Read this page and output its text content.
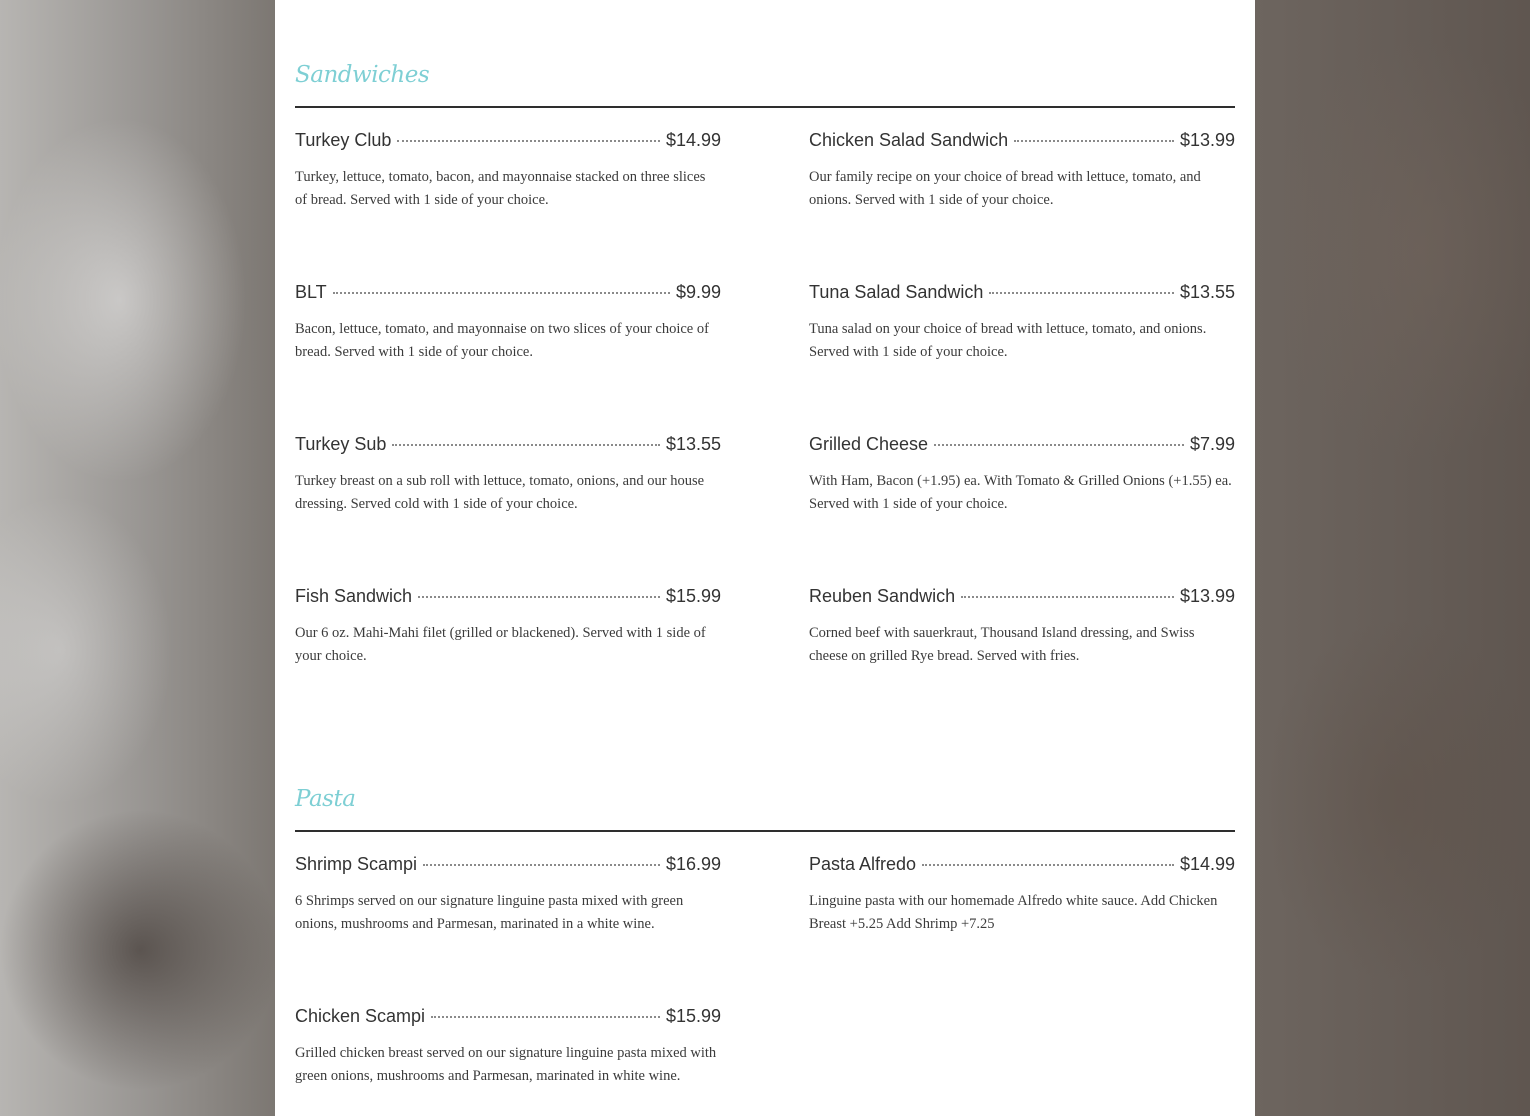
Sandwiches
Turkey Club	$14.99
Turkey, lettuce, tomato, bacon, and mayonnaise stacked on three slices of bread. Served with 1 side of your choice.
Chicken Salad Sandwich	$13.99
Our family recipe on your choice of bread with lettuce, tomato, and onions. Served with 1 side of your choice.
BLT	$9.99
Bacon, lettuce, tomato, and mayonnaise on two slices of your choice of bread. Served with 1 side of your choice.
Tuna Salad Sandwich	$13.55
Tuna salad on your choice of bread with lettuce, tomato, and onions. Served with 1 side of your choice.
Turkey Sub	$13.55
Turkey breast on a sub roll with lettuce, tomato, onions, and our house dressing. Served cold with 1 side of your choice.
Grilled Cheese	$7.99
With Ham, Bacon (+1.95) ea. With Tomato & Grilled Onions (+1.55) ea. Served with 1 side of your choice.
Fish Sandwich	$15.99
Our 6 oz. Mahi-Mahi filet (grilled or blackened). Served with 1 side of your choice.
Reuben Sandwich	$13.99
Corned beef with sauerkraut, Thousand Island dressing, and Swiss cheese on grilled Rye bread. Served with fries.
Pasta
Shrimp Scampi	$16.99
6 Shrimps served on our signature linguine pasta mixed with green onions, mushrooms and Parmesan, marinated in a white wine.
Pasta Alfredo	$14.99
Linguine pasta with our homemade Alfredo white sauce. Add Chicken Breast +5.25 Add Shrimp +7.25
Chicken Scampi	$15.99
Grilled chicken breast served on our signature linguine pasta mixed with green onions, mushrooms and Parmesan, marinated in white wine.
